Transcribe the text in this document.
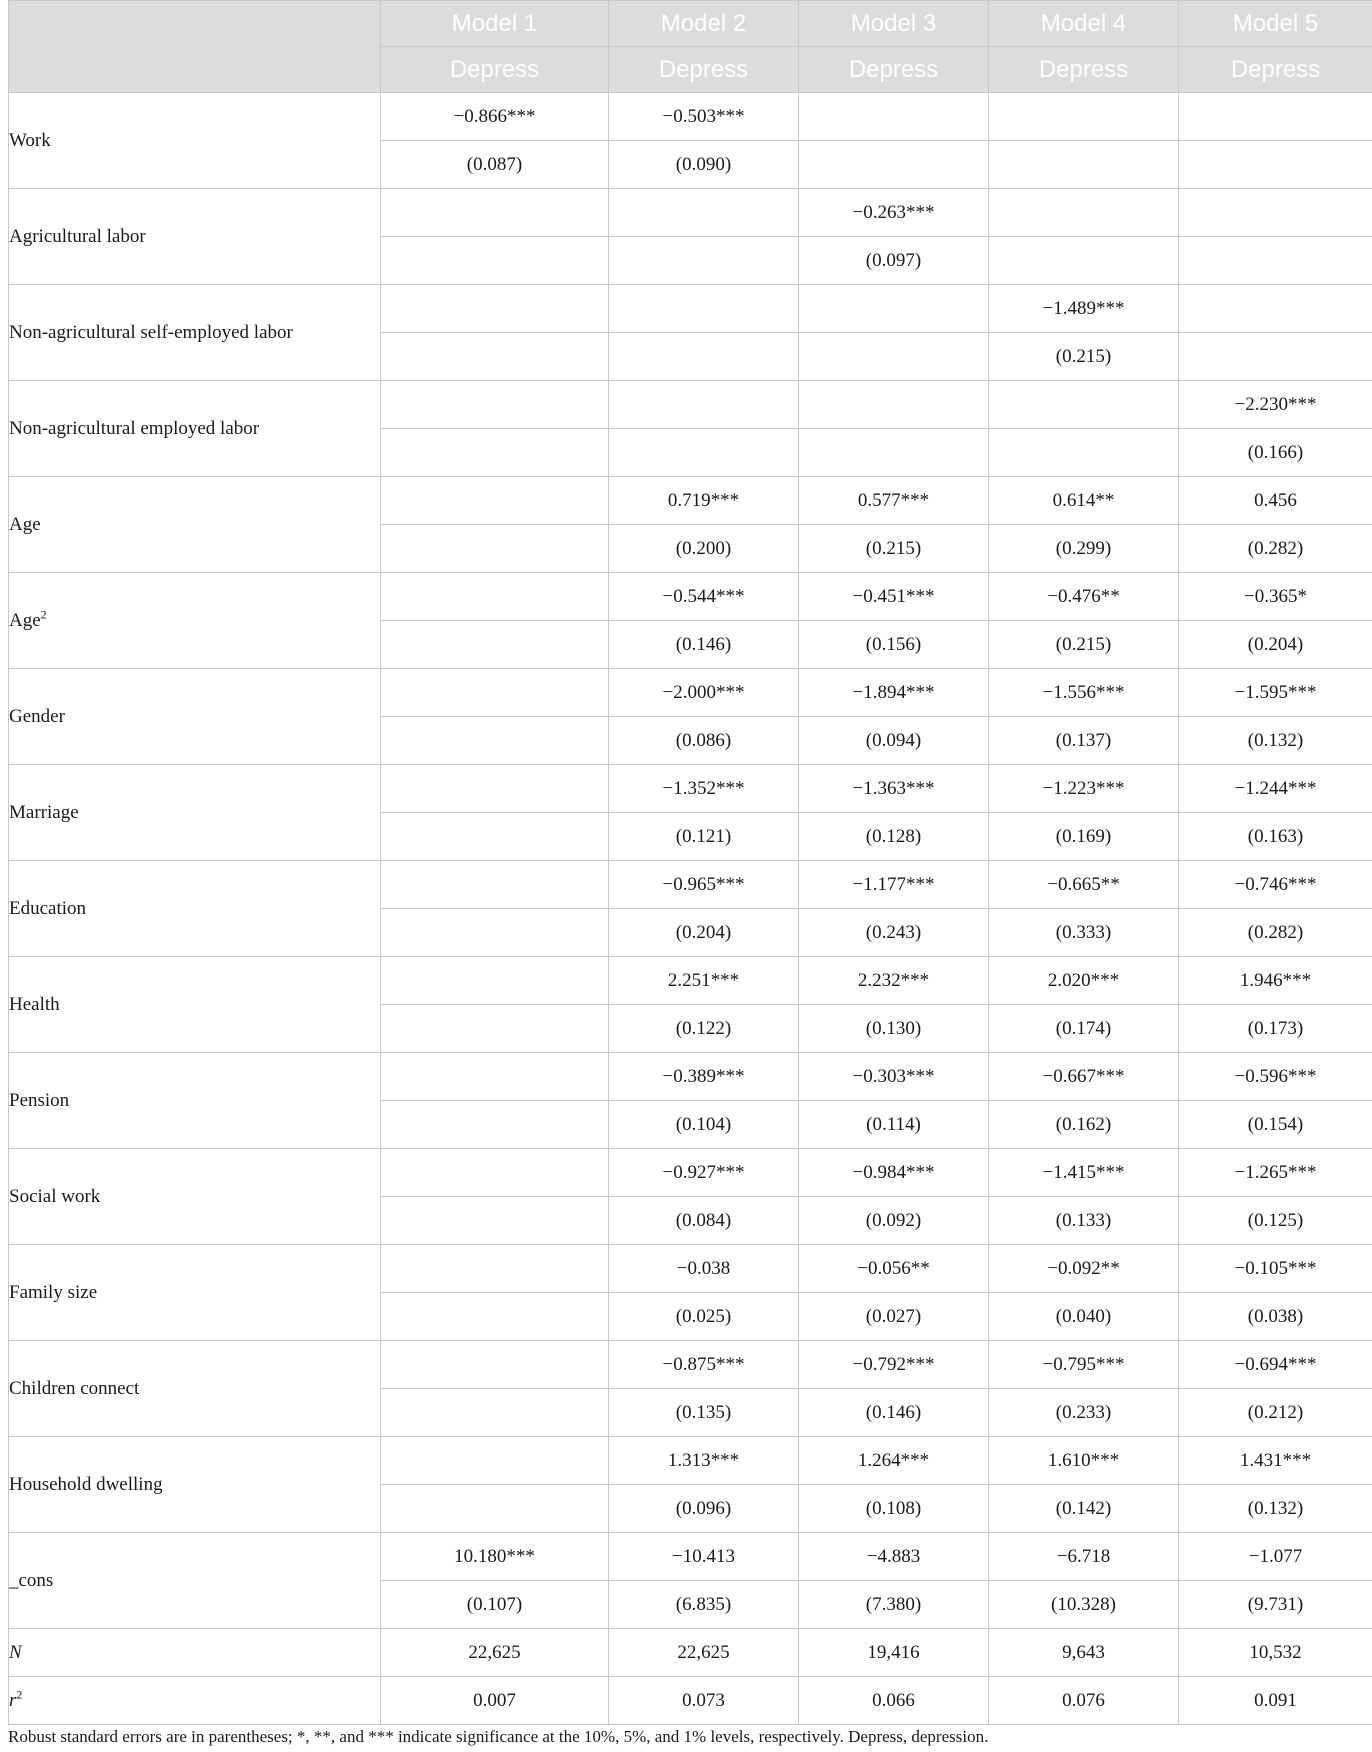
	Model 1	Model 2	Model 3	Model 4	Model 5
	Depress	Depress	Depress	Depress	Depress
Work	−0.866***	−0.503***			
	(0.087)	(0.090)			
Agricultural labor			−0.263***		
			(0.097)		
Non-agricultural self-employed labor				−1.489***	
				(0.215)	
Non-agricultural employed labor					−2.230***
					(0.166)
Age		0.719***	0.577***	0.614**	0.456
		(0.200)	(0.215)	(0.299)	(0.282)
Age$^2$		−0.544***	−0.451***	−0.476**	−0.365*
		(0.146)	(0.156)	(0.215)	(0.204)
Gender		−2.000***	−1.894***	−1.556***	−1.595***
		(0.086)	(0.094)	(0.137)	(0.132)
Marriage		−1.352***	−1.363***	−1.223***	−1.244***
		(0.121)	(0.128)	(0.169)	(0.163)
Education		−0.965***	−1.177***	−0.665**	−0.746***
		(0.204)	(0.243)	(0.333)	(0.282)
Health		2.251***	2.232***	2.020***	1.946***
		(0.122)	(0.130)	(0.174)	(0.173)
Pension		−0.389***	−0.303***	−0.667***	−0.596***
		(0.104)	(0.114)	(0.162)	(0.154)
Social work		−0.927***	−0.984***	−1.415***	−1.265***
		(0.084)	(0.092)	(0.133)	(0.125)
Family size		−0.038	−0.056**	−0.092**	−0.105***
		(0.025)	(0.027)	(0.040)	(0.038)
Children connect		−0.875***	−0.792***	−0.795***	−0.694***
		(0.135)	(0.146)	(0.233)	(0.212)
Household dwelling		1.313***	1.264***	1.610***	1.431***
		(0.096)	(0.108)	(0.142)	(0.132)
_cons	10.180***	−10.413	−4.883	−6.718	−1.077
	(0.107)	(6.835)	(7.380)	(10.328)	(9.731)
N	22,625	22,625	19,416	9,643	10,532
$r^2$	0.007	0.073	0.066	0.076	0.091
Robust standard errors are in parentheses; *, **, and *** indicate significance at the 10%, 5%, and 1% levels, respectively. Depress, depression.
